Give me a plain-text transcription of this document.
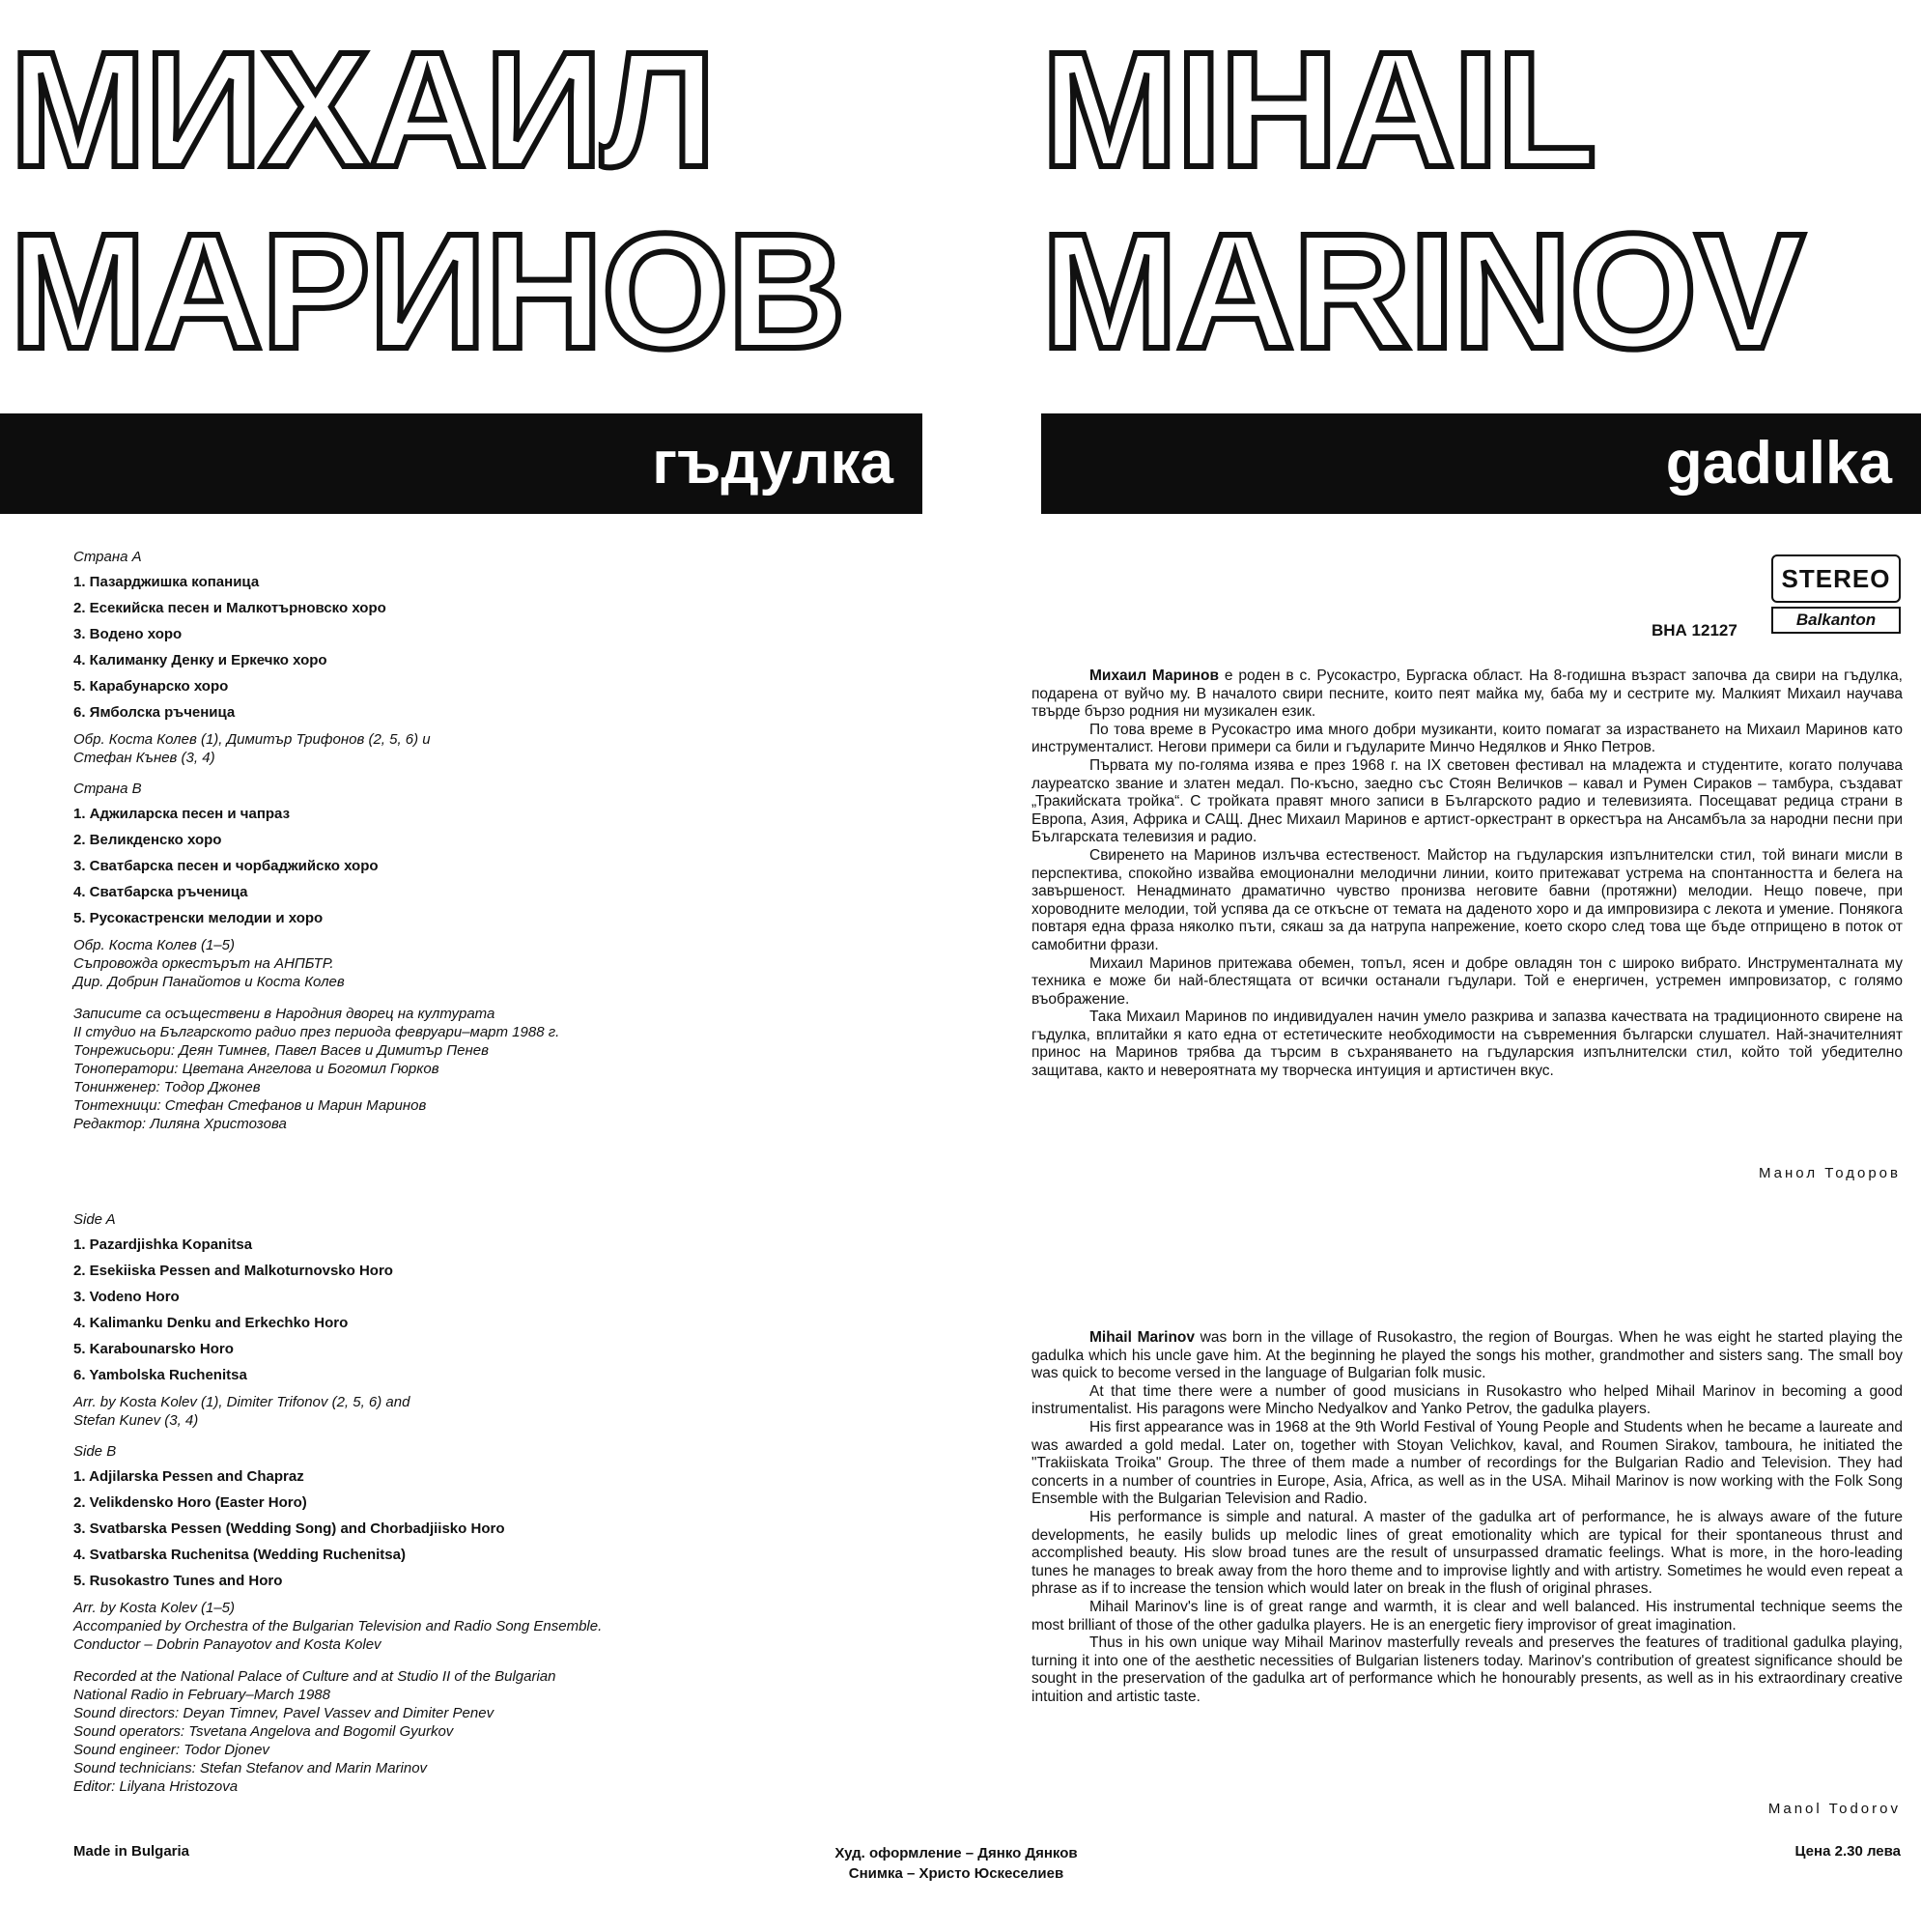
МИХАИЛ
МАРИНОВ
MIHAIL
MARINOV
гъдулка	gadulka
STEREO
Balkanton
ВНА 12127
Страна А
1. Пазарджишка копаница
2. Есекийска песен и Малкотърновско хоро
3. Водено хоро
4. Калиманку Денку и Еркечко хоро
5. Карабунарско хоро
6. Ямболска ръченица
Обр. Коста Колев (1), Димитър Трифонов (2, 5, 6) и
Стефан Кънев (3, 4)
Страна В
1. Аджиларска песен и чапраз
2. Великденско хоро
3. Сватбарска песен и чорбаджийско хоро
4. Сватбарска ръченица
5. Русокастренски мелодии и хоро
Обр. Коста Колев (1–5)
Съпровожда оркестърът на АНПБТР.
Дир. Добрин Панайотов и Коста Колев
Записите са осъществени в Народния дворец на културата
II студио на Българското радио през периода февруари–март 1988 г.
Тонрежисьори: Деян Тимнев, Павел Васев и Димитър Пенев
Тоноператори: Цветана Ангелова и Богомил Гюрков
Тонинженер: Тодор Джонев
Тонтехници: Стефан Стефанов и Марин Маринов
Редактор: Лиляна Христозова
Side A
1. Pazardjishka Kopanitsa
2. Esekiiska Pessen and Malkoturnovsko Horo
3. Vodeno Horo
4. Kalimanku Denku and Erkechko Horo
5. Karabounarsko Horo
6. Yambolska Ruchenitsa
Arr. by Kosta Kolev (1), Dimiter Trifonov (2, 5, 6) and
Stefan Kunev (3, 4)
Side B
1. Adjilarska Pessen and Chapraz
2. Velikdensko Horo (Easter Horo)
3. Svatbarska Pessen (Wedding Song) and Chorbadjiisko Horo
4. Svatbarska Ruchenitsa (Wedding Ruchenitsa)
5. Rusokastro Tunes and Horo
Arr. by Kosta Kolev (1–5)
Accompanied by Orchestra of the Bulgarian Television and Radio Song Ensemble.
Conductor – Dobrin Panayotov and Kosta Kolev
Recorded at the National Palace of Culture and at Studio II of the Bulgarian
National Radio in February–March 1988
Sound directors: Deyan Timnev, Pavel Vassev and Dimiter Penev
Sound operators: Tsvetana Angelova and Bogomil Gyurkov
Sound engineer: Todor Djonev
Sound technicians: Stefan Stefanov and Marin Marinov
Editor: Lilyana Hristozova

Михаил Маринов е роден в с. Русокастро, Бургаска област. На 8-годишна възраст започва да свири на гъдулка, подарена от вуйчо му. В началото свири песните, които пеят майка му, баба му и сестрите му. Малкият Михаил научава твърде бързо родния ни музикален език.

По това време в Русокастро има много добри музиканти, които помагат за израстването на Михаил Маринов като инструменталист. Негови примери са били и гъдуларите Минчо Недялков и Янко Петров.

Първата му по-голяма изява е през 1968 г. на IX световен фестивал на младежта и студентите, когато получава лауреатско звание и златен медал. По-късно, заедно със Стоян Величков – кавал и Румен Сираков – тамбура, създават „Тракийската тройка“. С тройката правят много записи в Българското радио и телевизията. Посещават редица страни в Европа, Азия, Африка и САЩ. Днес Михаил Маринов е артист-оркестрант в оркестъра на Ансамбъла за народни песни при Българската телевизия и радио.

Свиренето на Маринов излъчва естественост. Майстор на гъдуларския изпълнителски стил, той винаги мисли в перспектива, спокойно извайва емоционални мелодични линии, които притежават устрема на спонтанността и белега на завършеност. Ненадминато драматично чувство пронизва неговите бавни (протяжни) мелодии. Нещо повече, при хороводните мелодии, той успява да се откъсне от темата на даденото хоро и да импровизира с лекота и умение. Понякога повтаря една фраза няколко пъти, сякаш за да натрупа напрежение, което скоро след това ще бъде отприщено в поток от самобитни фрази.

Михаил Маринов притежава обемен, топъл, ясен и добре овладян тон с широко вибрато. Инструменталната му техника е може би най-блестящата от всички останали гъдулари. Той е енергичен, устремен импровизатор, с голямо въображение.

Така Михаил Маринов по индивидуален начин умело разкрива и запазва качествата на традиционното свирене на гъдулка, вплитайки я като една от естетическите необходимости на съвременния български слушател. Най-значителният принос на Маринов трябва да търсим в съхраняването на гъдуларския изпълнителски стил, който той убедително защитава, както и невероятната му творческа интуиция и артистичен вкус.

Манол Тодоров

Mihail Marinov was born in the village of Rusokastro, the region of Bourgas. When he was eight he started playing the gadulka which his uncle gave him. At the beginning he played the songs his mother, grandmother and sisters sang. The small boy was quick to become versed in the language of Bulgarian folk music.

At that time there were a number of good musicians in Rusokastro who helped Mihail Marinov in becoming a good instrumentalist. His paragons were Mincho Nedyalkov and Yanko Petrov, the gadulka players.

His first appearance was in 1968 at the 9th World Festival of Young People and Students when he became a laureate and was awarded a gold medal. Later on, together with Stoyan Velichkov, kaval, and Roumen Sirakov, tamboura, he initiated the "Trakiiskata Troika" Group. The three of them made a number of recordings for the Bulgarian Radio and Television. They had concerts in a number of countries in Europe, Asia, Africa, as well as in the USA. Mihail Marinov is now working with the Folk Song Ensemble with the Bulgarian Television and Radio.

His performance is simple and natural. A master of the gadulka art of performance, he is always aware of the future developments, he easily bulids up melodic lines of great emotionality which are typical for their spontaneous thrust and accomplished beauty. His slow broad tunes are the result of unsurpassed dramatic feelings. What is more, in the horo-leading tunes he manages to break away from the horo theme and to improvise lightly and with artistry. Sometimes he would even repeat a phrase as if to increase the tension which would later on break in the flush of original phrases.

Mihail Marinov's line is of great range and warmth, it is clear and well balanced. His instrumental technique seems the most brilliant of those of the other gadulka players. He is an energetic fiery improvisor of great imagination.

Thus in his own unique way Mihail Marinov masterfully reveals and preserves the features of traditional gadulka playing, turning it into one of the aesthetic necessities of Bulgarian listeners today. Marinov's contribution of greatest significance should be sought in the preservation of the gadulka art of performance which he honourably presents, as well as in his extraordinary creative intuition and artistic taste.

Manol Todorov
Made in Bulgaria	Худ. оформление – Дянко Дянков
Снимка – Христо Юскеселиев
Цена 2.30 лева
